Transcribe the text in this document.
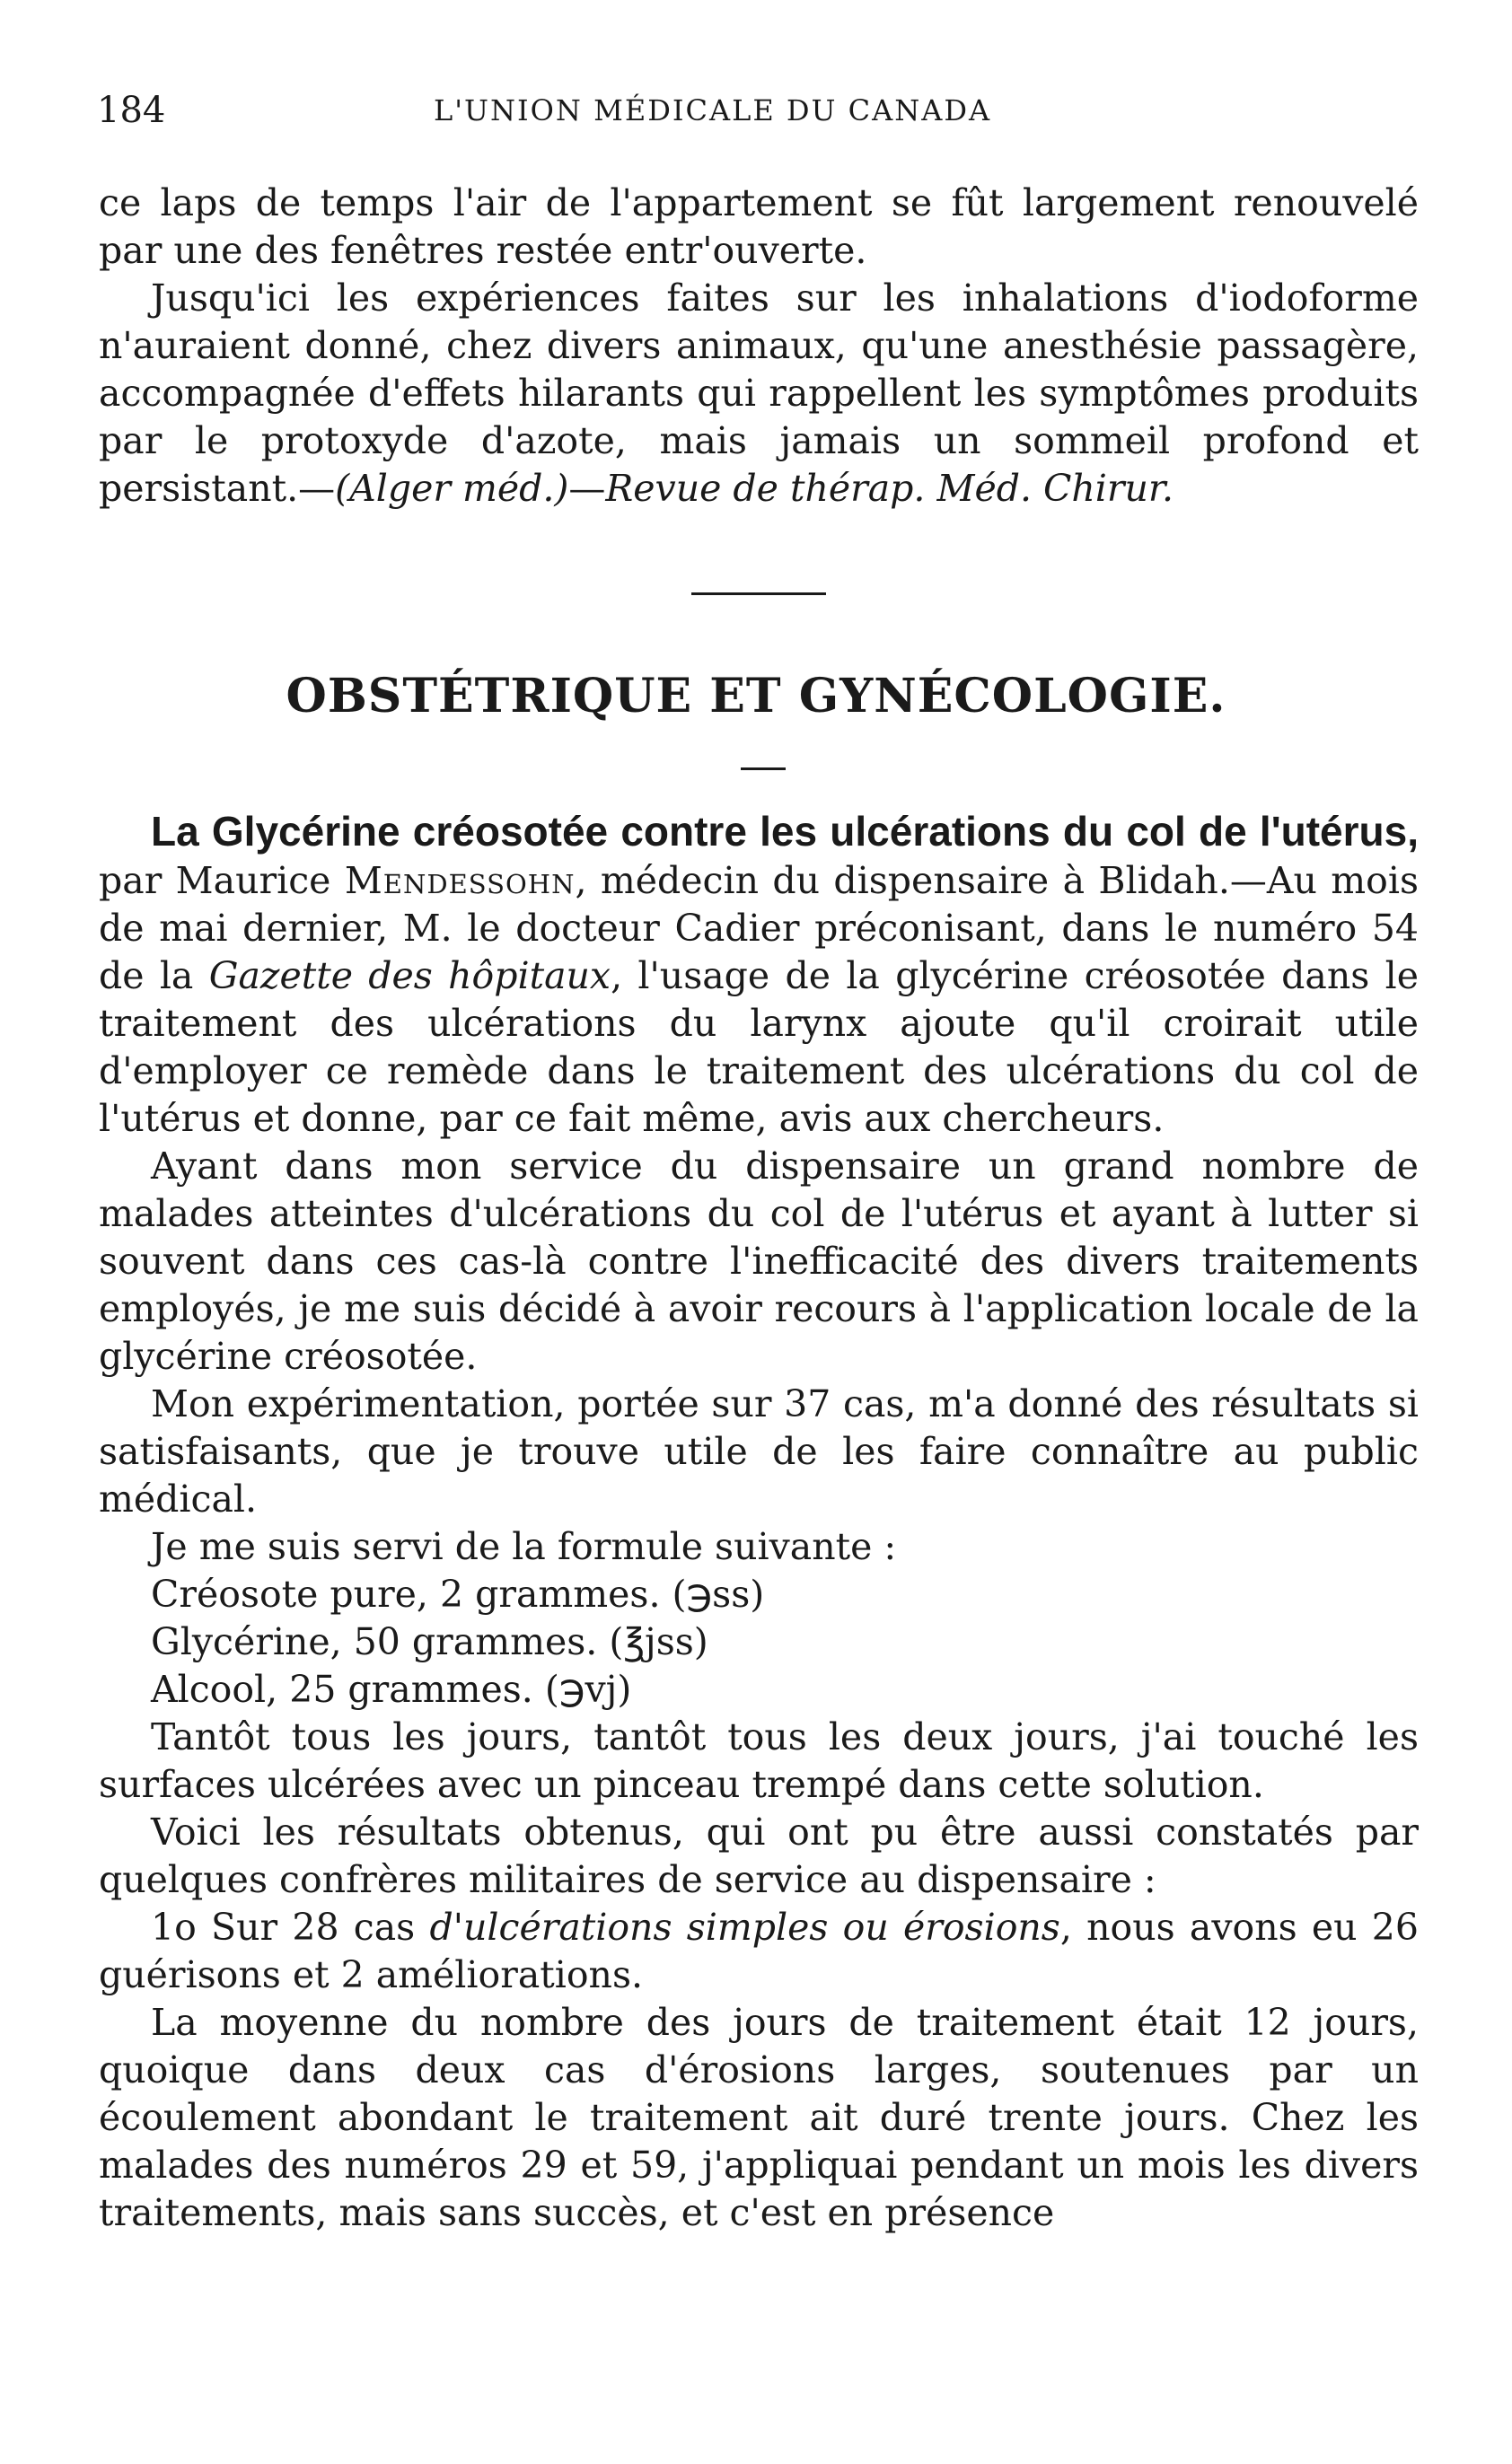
184	L'UNION MÉDICALE DU CANADA

ce laps de temps l'air de l'appartement se fût largement renouvelé par une des fenêtres restée entr'ouverte.

Jusqu'ici les expériences faites sur les inhalations d'iodoforme n'auraient donné, chez divers animaux, qu'une anesthésie passagère, accompagnée d'effets hilarants qui rappellent les symptômes produits par le protoxyde d'azote, mais jamais un sommeil profond et persistant.—(Alger méd.)—Revue de thérap. Méd. Chirur.

OBSTÉTRIQUE ET GYNÉCOLOGIE.

La Glycérine créosotée contre les ulcérations du col de l'utérus, par Maurice Mendessohn, médecin du dispensaire à Blidah.—Au mois de mai dernier, M. le docteur Cadier préconisant, dans le numéro 54 de la Gazette des hôpitaux, l'usage de la glycérine créosotée dans le traitement des ulcérations du larynx ajoute qu'il croirait utile d'employer ce remède dans le traitement des ulcérations du col de l'utérus et donne, par ce fait même, avis aux chercheurs.

Ayant dans mon service du dispensaire un grand nombre de malades atteintes d'ulcérations du col de l'utérus et ayant à lutter si souvent dans ces cas-là contre l'inefficacité des divers traitements employés, je me suis décidé à avoir recours à l'application locale de la glycérine créosotée.

Mon expérimentation, portée sur 37 cas, m'a donné des résultats si satisfaisants, que je trouve utile de les faire connaître au public médical.

Je me suis servi de la formule suivante :

Créosote pure, 2 grammes. (℈ss)

Glycérine, 50 grammes. (℥jss)

Alcool, 25 grammes. (℈vj)

Tantôt tous les jours, tantôt tous les deux jours, j'ai touché les surfaces ulcérées avec un pinceau trempé dans cette solution.

Voici les résultats obtenus, qui ont pu être aussi constatés par quelques confrères militaires de service au dispensaire :

1o Sur 28 cas d'ulcérations simples ou érosions, nous avons eu 26 guérisons et 2 améliorations.

La moyenne du nombre des jours de traitement était 12 jours, quoique dans deux cas d'érosions larges, soutenues par un écoulement abondant le traitement ait duré trente jours. Chez les malades des numéros 29 et 59, j'appliquai pendant un mois les divers traitements, mais sans succès, et c'est en présence
